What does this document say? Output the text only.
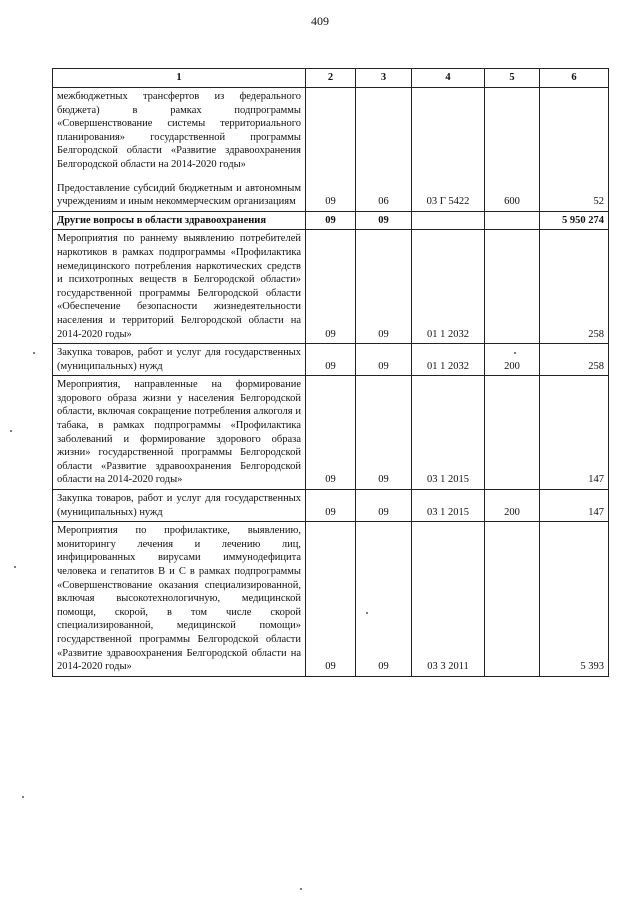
409
1	2	3	4	5	6

межбюджетных трансфертов из федерального бюджета) в рамках подпрограммы «Совершенствование системы территориального планирования» государственной программы Белгородской области «Развитие здравоохранения Белгородской области на 2014-2020 годы»
Предоставление субсидий бюджетным и автономным учреждениям и иным некоммерческим организациям	09	06	03 Г 5422	600	52
Другие вопросы в области здравоохранения	09	09			5 950 274
Мероприятия по раннему выявлению потребителей наркотиков в рамках подпрограммы «Профилактика немедицинского потребления наркотических средств и психотропных веществ в Белгородской области» государственной программы Белгородской области «Обеспечение безопасности жизнедеятельности населения и территорий Белгородской области на 2014-2020 годы»	09	09	01 1 2032		258
Закупка товаров, работ и услуг для государственных (муниципальных) нужд	09	09	01 1 2032	200	258
Мероприятия, направленные на формирование здорового образа жизни у населения Белгородской области, включая сокращение потребления алкоголя и табака, в рамках подпрограммы «Профилактика заболеваний и формирование здорового образа жизни» государственной программы Белгородской области «Развитие здравоохранения Белгородской области на 2014-2020 годы»	09	09	03 1 2015		147
Закупка товаров, работ и услуг для государственных (муниципальных) нужд	09	09	03 1 2015	200	147
Мероприятия по профилактике, выявлению, мониторингу лечения и лечению лиц, инфицированных вирусами иммунодефицита человека и гепатитов В и С в рамках подпрограммы «Совершенствование оказания специализированной, включая высокотехнологичную, медицинской помощи, скорой, в том числе скорой специализированной, медицинской помощи» государственной программы Белгородской области «Развитие здравоохранения Белгородской области на 2014-2020 годы»	09	09	03 3 2011		5 393
